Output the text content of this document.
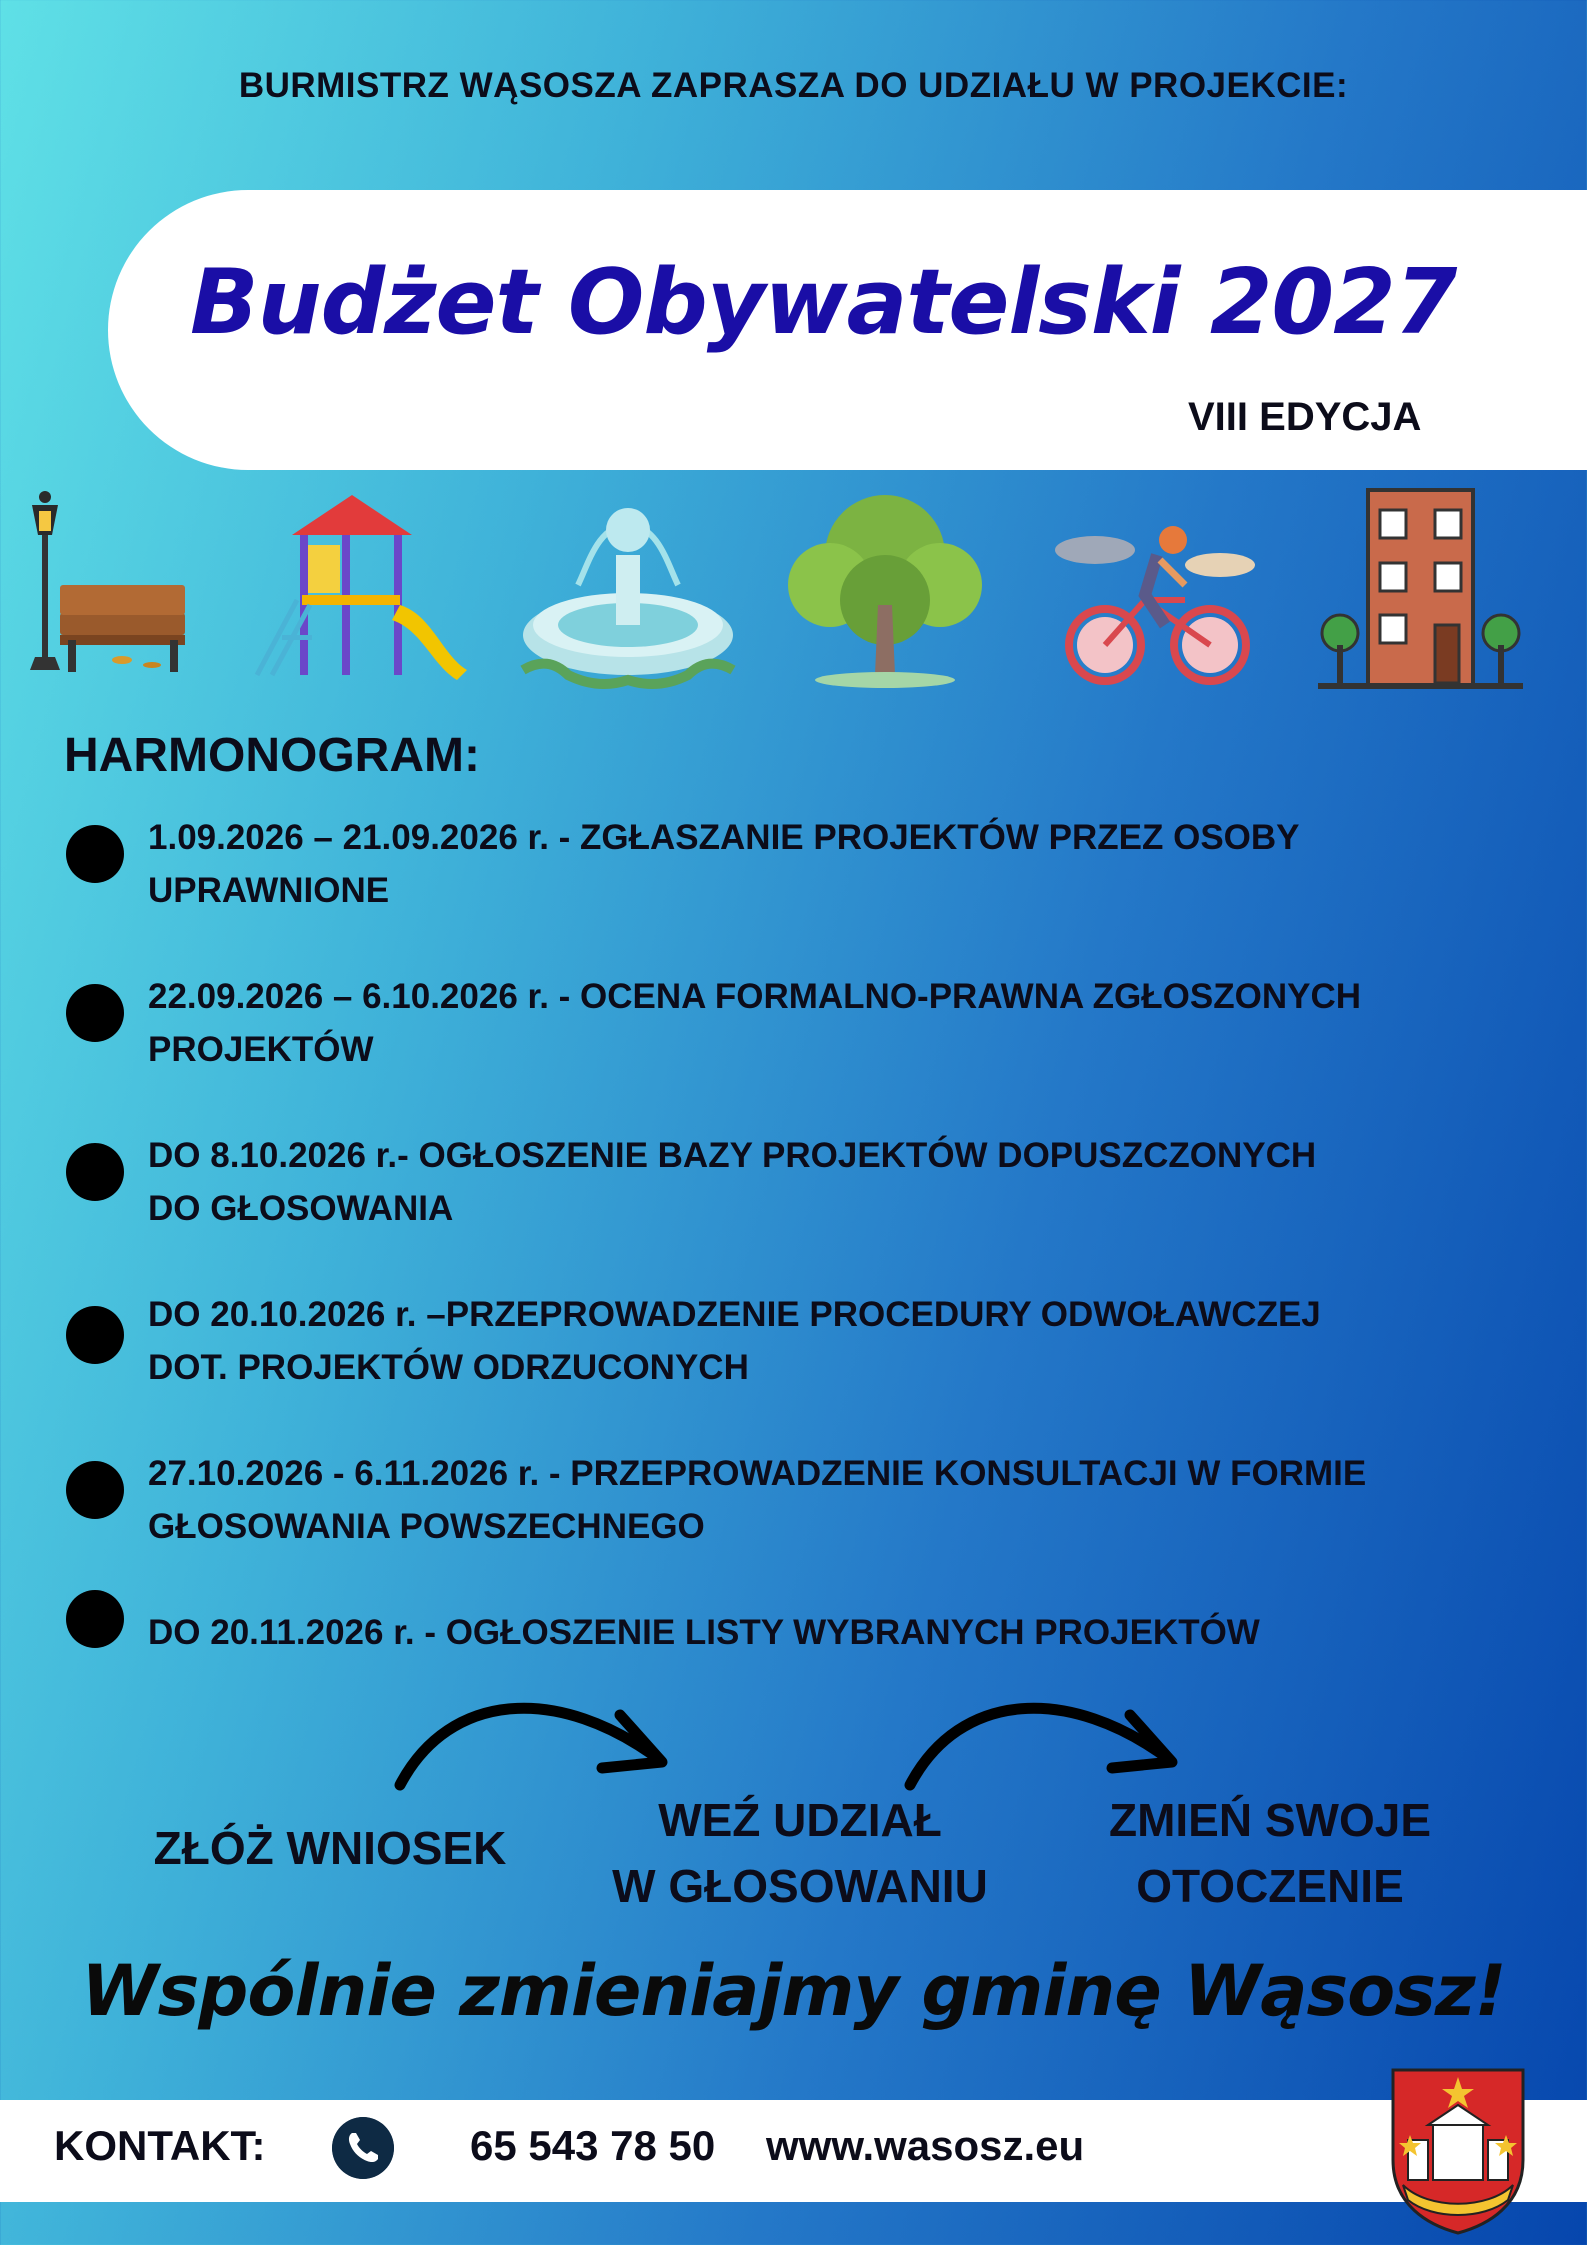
BURMISTRZ WĄSOSZA ZAPRASZA DO UDZIAŁU W PROJEKCIE:
Budżet Obywatelski 2027
VIII EDYCJA
HARMONOGRAM:
1.09.2026 – 21.09.2026 r. - ZGŁASZANIE PROJEKTÓW PRZEZ OSOBY
UPRAWNIONE
22.09.2026 – 6.10.2026 r. - OCENA FORMALNO-PRAWNA ZGŁOSZONYCH
PROJEKTÓW
DO 8.10.2026 r.- OGŁOSZENIE BAZY PROJEKTÓW DOPUSZCZONYCH
DO GŁOSOWANIA
DO 20.10.2026 r. –PRZEPROWADZENIE PROCEDURY ODWOŁAWCZEJ
DOT. PROJEKTÓW ODRZUCONYCH
27.10.2026 - 6.11.2026 r. - PRZEPROWADZENIE KONSULTACJI W FORMIE
GŁOSOWANIA POWSZECHNEGO
DO 20.11.2026 r. - OGŁOSZENIE LISTY WYBRANYCH PROJEKTÓW
ZŁÓŻ WNIOSEK
WEŹ UDZIAŁ
W GŁOSOWANIU
ZMIEŃ SWOJE
OTOCZENIE
Wspólnie zmieniajmy gminę Wąsosz!
KONTAKT:	65 543 78 50 www.wasosz.eu
